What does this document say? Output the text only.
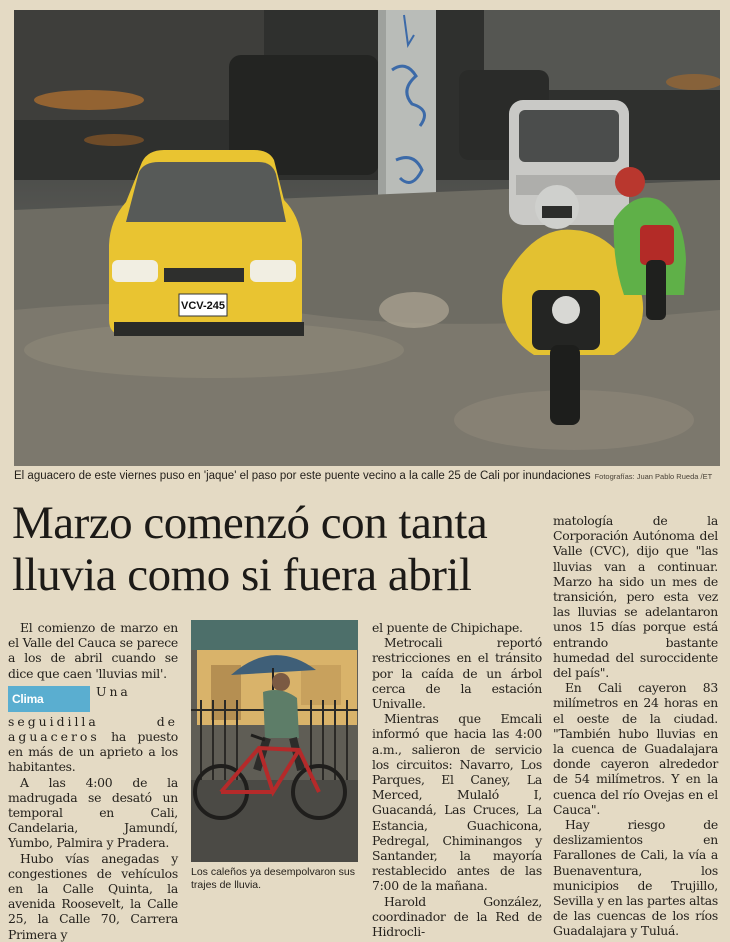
VCV-245
El aguacero de este viernes puso en 'jaque' el paso por este puente vecino a la calle 25 de Cali por inundaciones Fotografías: Juan Pablo Rueda /ET
Marzo comenzó con tanta lluvia como si fuera abril

matología de la Corporación Autónoma del Valle (CVC), dijo que "las lluvias van a continuar. Marzo ha sido un mes de transición, pero esta vez las lluvias se adelantaron unos 15 días porque está entrando bastante humedad del suroccidente del país".

En Cali cayeron 83 milímetros en 24 horas en el oeste de la ciudad. "También hubo lluvias en la cuenca de Guadalajara donde cayeron alrededor de 54 milímetros. Y en la cuenca del río Ovejas en el Cauca".

Hay riesgo de deslizamientos en Farallones de Cali, la vía a Buenaventura, los municipios de Trujillo, Sevilla y en las partes altas de las cuencas de los ríos Guadalajara y Tuluá.

El comienzo de marzo en el Valle del Cauca se parece a los de abril cuando se dice que caen 'lluvias mil'.

Clima	Una seguidilla de aguaceros ha puesto en más de un aprieto a los habitantes.

A las 4:00 de la madrugada se desató un temporal en Cali, Candelaria, Jamundí, Yumbo, Palmira y Pradera.

Hubo vías anegadas y congestiones de vehículos en la Calle Quinta, la avenida Roosevelt, la Calle 25, la Calle 70, Carrera Primera y

Los caleños ya desempolvaron sus trajes de lluvia.

el puente de Chipichape.

Metrocali reportó restricciones en el tránsito por la caída de un árbol cerca de la estación Univalle.

Mientras que Emcali informó que hacia las 4:00 a.m., salieron de servicio los circuitos: Navarro, Los Parques, El Caney, La Merced, Mulaló I, Guacandá, Las Cruces, La Estancia, Guachicona, Pedregal, Chiminangos y Santander, la mayoría restablecido antes de las 7:00 de la mañana.

Harold González, coordinador de la Red de Hidrocli-
